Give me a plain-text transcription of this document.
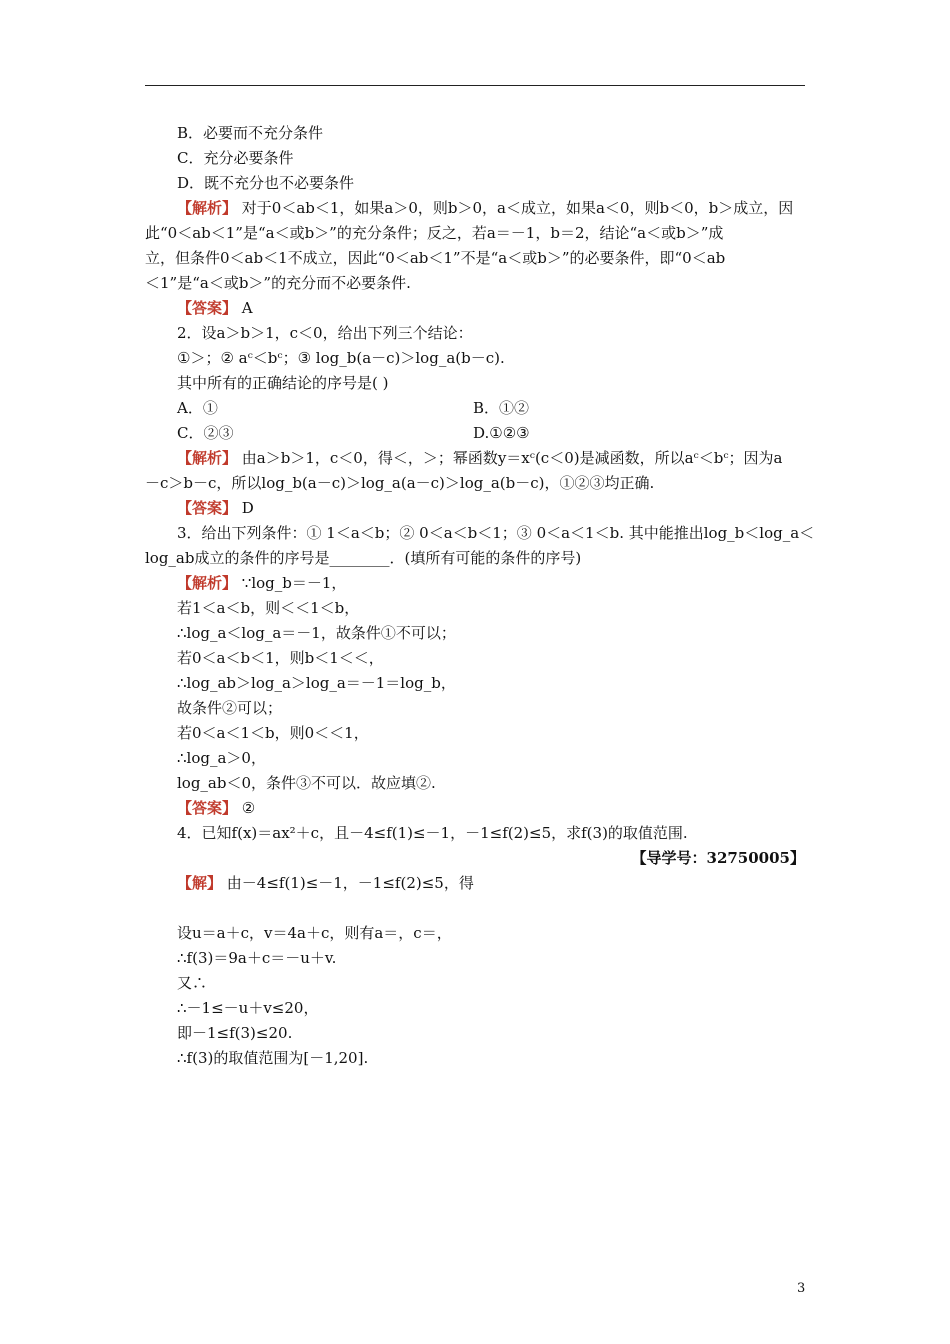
B．必要而不充分条件
C．充分必要条件
D．既不充分也不必要条件
【解析】 对于0＜ab＜1，如果a＞0，则b＞0，a＜成立，如果a＜0，则b＜0，b＞成立，因
此“0＜ab＜1”是“a＜或b＞”的充分条件；反之，若a＝－1，b＝2，结论“a＜或b＞”成
立，但条件0＜ab＜1不成立，因此“0＜ab＜1”不是“a＜或b＞”的必要条件，即“0＜ab
＜1”是“a＜或b＞”的充分而不必要条件.
【答案】 A
2．设a＞b＞1，c＜0，给出下列三个结论：
①＞；② aᶜ＜bᶜ；③ log_b(a－c)＞log_a(b－c).
其中所有的正确结论的序号是( )
A．①	B．①②
C．②③	D.①②③
【解析】 由a＞b＞1，c＜0，得＜，＞；幂函数y＝xᶜ(c＜0)是减函数，所以aᶜ＜bᶜ；因为a
－c＞b－c，所以log_b(a－c)＞log_a(a－c)＞log_a(b－c)，①②③均正确.
【答案】 D
3．给出下列条件：① 1＜a＜b；② 0＜a＜b＜1；③ 0＜a＜1＜b. 其中能推出log_b＜log_a＜
log_ab成立的条件的序号是________．(填所有可能的条件的序号)
【解析】 ∵log_b＝－1，
若1＜a＜b，则＜＜1＜b，
∴log_a＜log_a＝－1，故条件①不可以；
若0＜a＜b＜1，则b＜1＜＜，
∴log_ab＞log_a＞log_a＝－1＝log_b，
故条件②可以；
若0＜a＜1＜b，则0＜＜1，
∴log_a＞0，
log_ab＜0，条件③不可以．故应填②.
【答案】 ②
4．已知f(x)＝ax²＋c，且－4≤f(1)≤－1，－1≤f(2)≤5，求f(3)的取值范围.
【导学号：32750005】
【解】 由－4≤f(1)≤－1，－1≤f(2)≤5，得
设u＝a＋c，v＝4a＋c，则有a＝，c＝，
∴f(3)＝9a＋c＝－u＋v.
又∴
∴－1≤－u＋v≤20，
即－1≤f(3)≤20.
∴f(3)的取值范围为[－1,20].
3
